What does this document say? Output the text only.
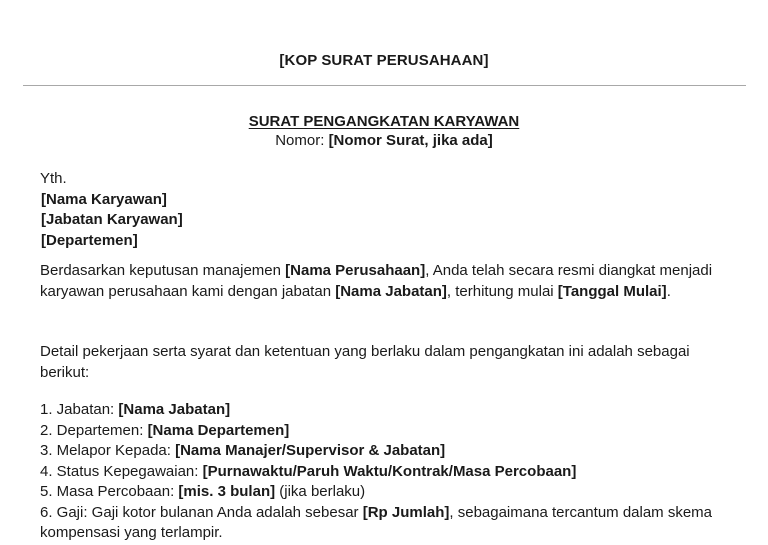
[KOP SURAT PERUSAHAAN]
SURAT PENGANGKATAN KARYAWAN
Nomor: [Nomor Surat, jika ada]
Yth.
[Nama Karyawan]
[Jabatan Karyawan]
[Departemen]
Berdasarkan keputusan manajemen [Nama Perusahaan], Anda telah secara resmi diangkat menjadi karyawan perusahaan kami dengan jabatan [Nama Jabatan], terhitung mulai [Tanggal Mulai].
Detail pekerjaan serta syarat dan ketentuan yang berlaku dalam pengangkatan ini adalah sebagai berikut:
1. Jabatan: [Nama Jabatan]
2. Departemen: [Nama Departemen]
3. Melapor Kepada: [Nama Manajer/Supervisor & Jabatan]
4. Status Kepegawaian: [Purnawaktu/Paruh Waktu/Kontrak/Masa Percobaan]
5. Masa Percobaan: [mis. 3 bulan] (jika berlaku)
6. Gaji: Gaji kotor bulanan Anda adalah sebesar [Rp Jumlah], sebagaimana tercantum dalam skema kompensasi yang terlampir.
